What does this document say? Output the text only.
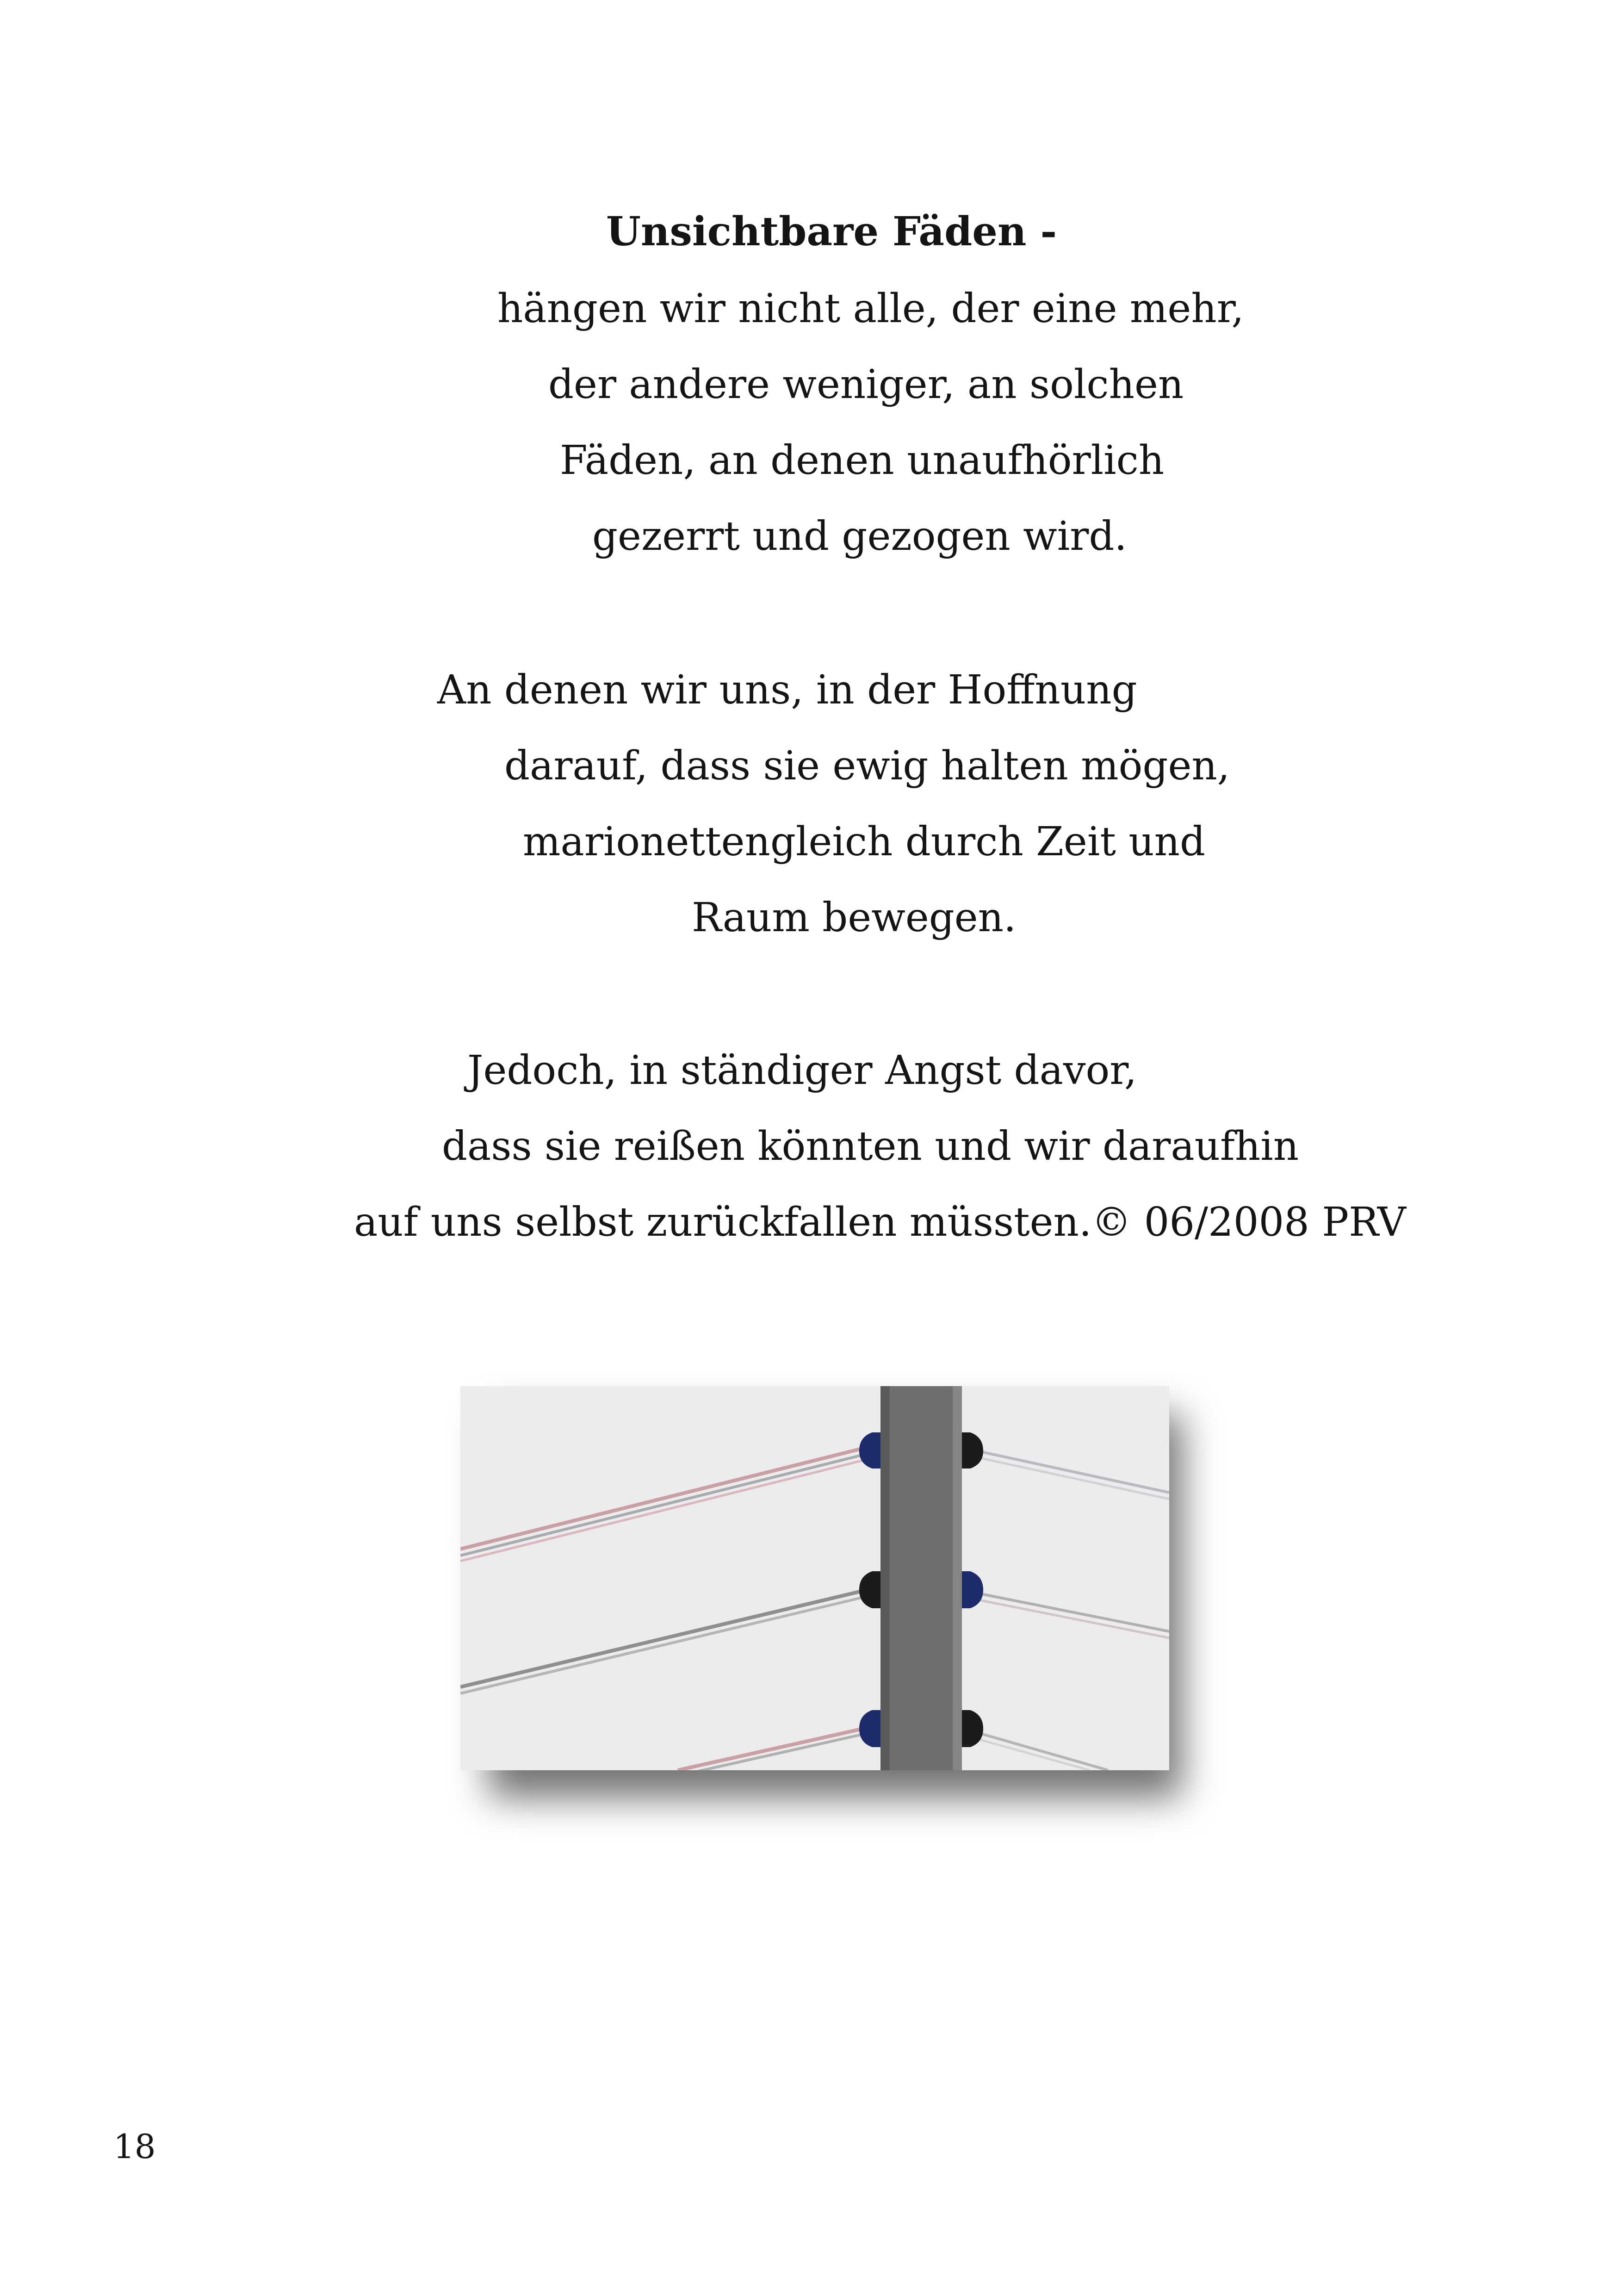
Unsichtbare Fäden -
hängen wir nicht alle, der eine mehr,
der andere weniger, an solchen
Fäden, an denen unaufhörlich
gezerrt und gezogen wird.
An denen wir uns, in der Hoffnung
darauf, dass sie ewig halten mögen,
marionettengleich durch Zeit und
Raum bewegen.
Jedoch, in ständiger Angst davor,
dass sie reißen könnten und wir daraufhin
auf uns selbst zurückfallen müssten.© 06/2008 PRV
18
